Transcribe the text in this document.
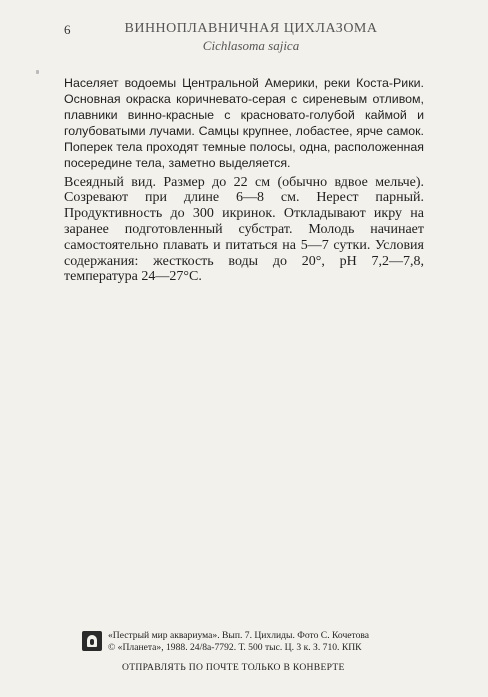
6	ВИННОПЛАВНИЧНАЯ ЦИХЛАЗОМА
Cichlasoma sajica

Населяет водоемы Центральной Америки, реки Коста-Рики. Основная окраска коричневато-серая с сиреневым отливом, плавники винно-красные с красновато-голубой каймой и голубоватыми лучами. Самцы крупнее, лобастее, ярче самок. Поперек тела проходят темные полосы, одна, расположенная посередине тела, заметно выделяется.

Всеядный вид. Размер до 22 см (обычно вдвое мельче). Созревают при длине 6—8 см. Нерест парный. Продуктивность до 300 икринок. Откладывают икру на заранее подготовленный субстрат. Молодь начинает самостоятельно плавать и питаться на 5—7 сутки. Условия содержания: жесткость воды до 20°, pH 7,2—7,8, температура 24—27°С.

«Пестрый мир аквариума». Вып. 7. Цихлиды. Фото С. Кочетова
© «Планета», 1988. 24/8а-7792. Т. 500 тыс. Ц. 3 к. З. 710. КПК
ОТПРАВЛЯТЬ ПО ПОЧТЕ ТОЛЬКО В КОНВЕРТЕ
